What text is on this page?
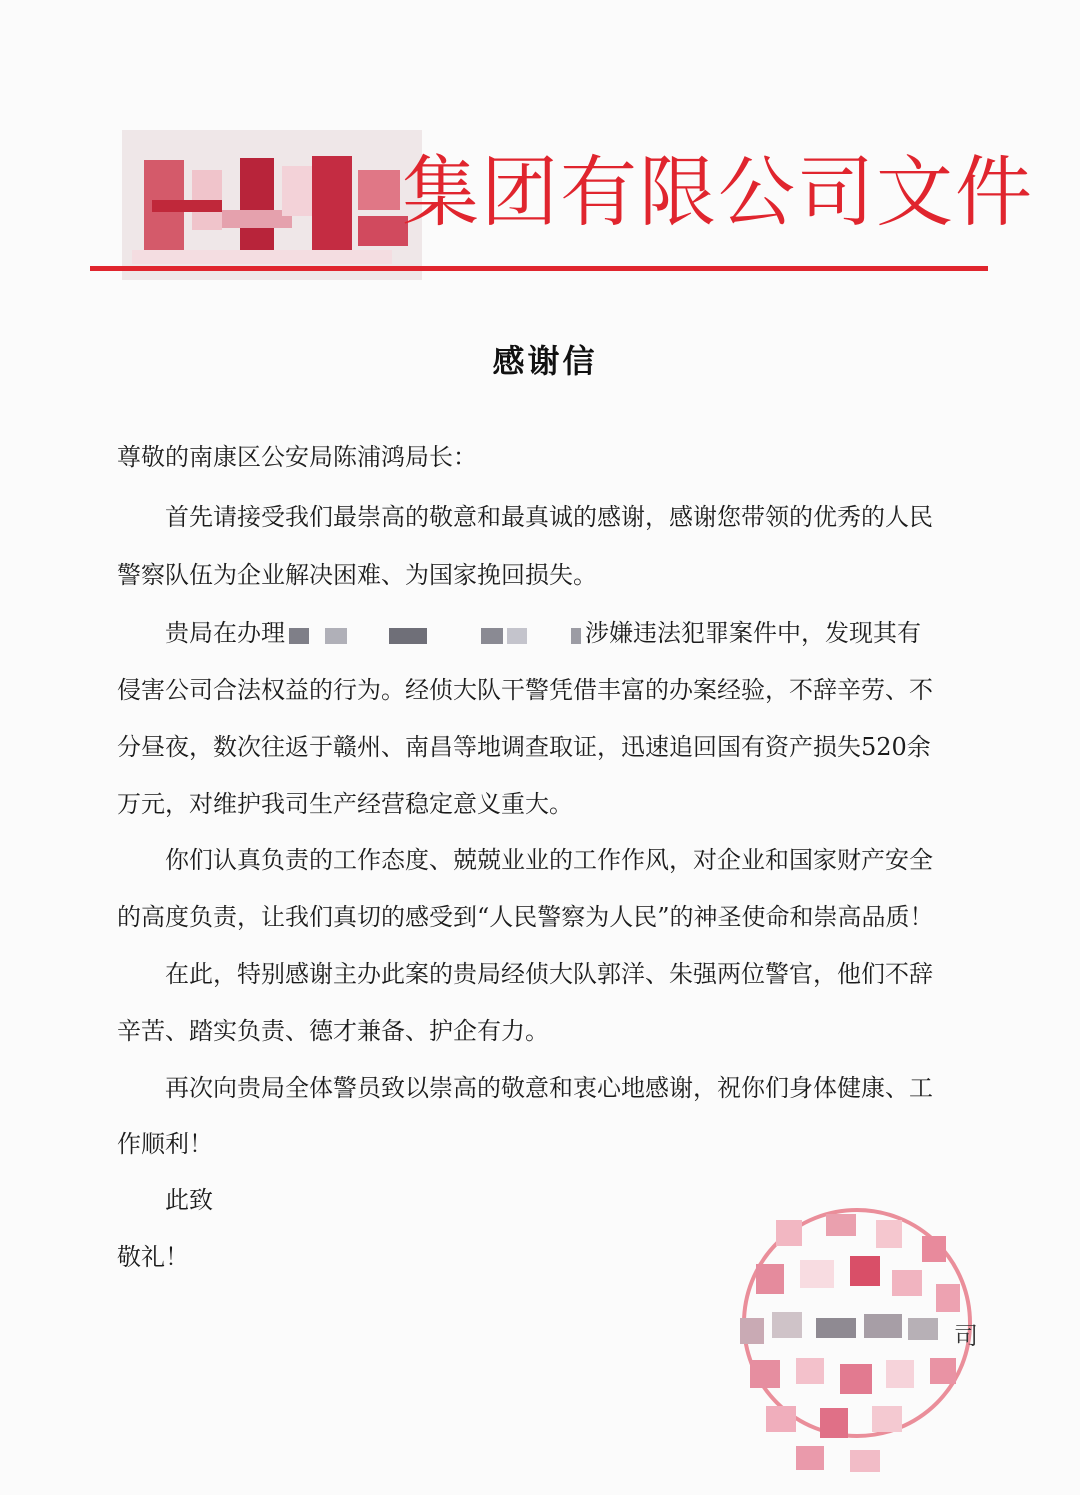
集团有限公司文件
感谢信
尊敬的南康区公安局陈浦鸿局长：
首先请接受我们最崇高的敬意和最真诚的感谢，感谢您带领的优秀的人民
警察队伍为企业解决困难、为国家挽回损失。
贵局在办理	涉嫌违法犯罪案件中，发现其有
侵害公司合法权益的行为。经侦大队干警凭借丰富的办案经验，不辞辛劳、不
分昼夜，数次往返于赣州、南昌等地调查取证，迅速追回国有资产损失520余
万元，对维护我司生产经营稳定意义重大。
你们认真负责的工作态度、兢兢业业的工作作风，对企业和国家财产安全
的高度负责，让我们真切的感受到“人民警察为人民”的神圣使命和崇高品质！
在此，特别感谢主办此案的贵局经侦大队郭洋、朱强两位警官，他们不辞
辛苦、踏实负责、德才兼备、护企有力。
再次向贵局全体警员致以崇高的敬意和衷心地感谢，祝你们身体健康、工
作顺利！
此致
敬礼！
司
